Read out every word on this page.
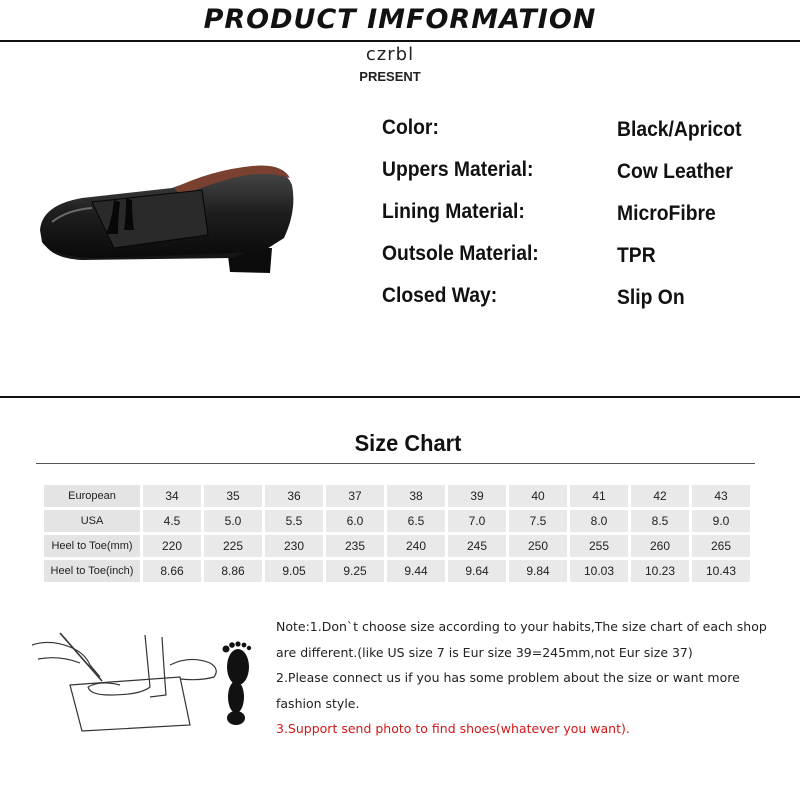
PRODUCT IMFORMATION
czrbl
PRESENT
Color:	Black/Apricot
Uppers Material:	Cow Leather
Lining Material:	MicroFibre
Outsole Material:	TPR
Closed Way:	Slip On
Size Chart
European	34	35	36	37	38	39	40	41	42	43
USA	4.5	5.0	5.5	6.0	6.5	7.0	7.5	8.0	8.5	9.0
Heel to Toe(mm)	220	225	230	235	240	245	250	255	260	265
Heel to Toe(inch)	8.66	8.86	9.05	9.25	9.44	9.64	9.84	10.03	10.23	10.43

Note:1.Don`t choose size according to your habits,The size chart of each shop are different.(like US size 7 is Eur size 39=245mm,not Eur size 37)

2.Please connect us if you has some problem about the size or want more fashion style.

3.Support send photo to find shoes(whatever you want).
